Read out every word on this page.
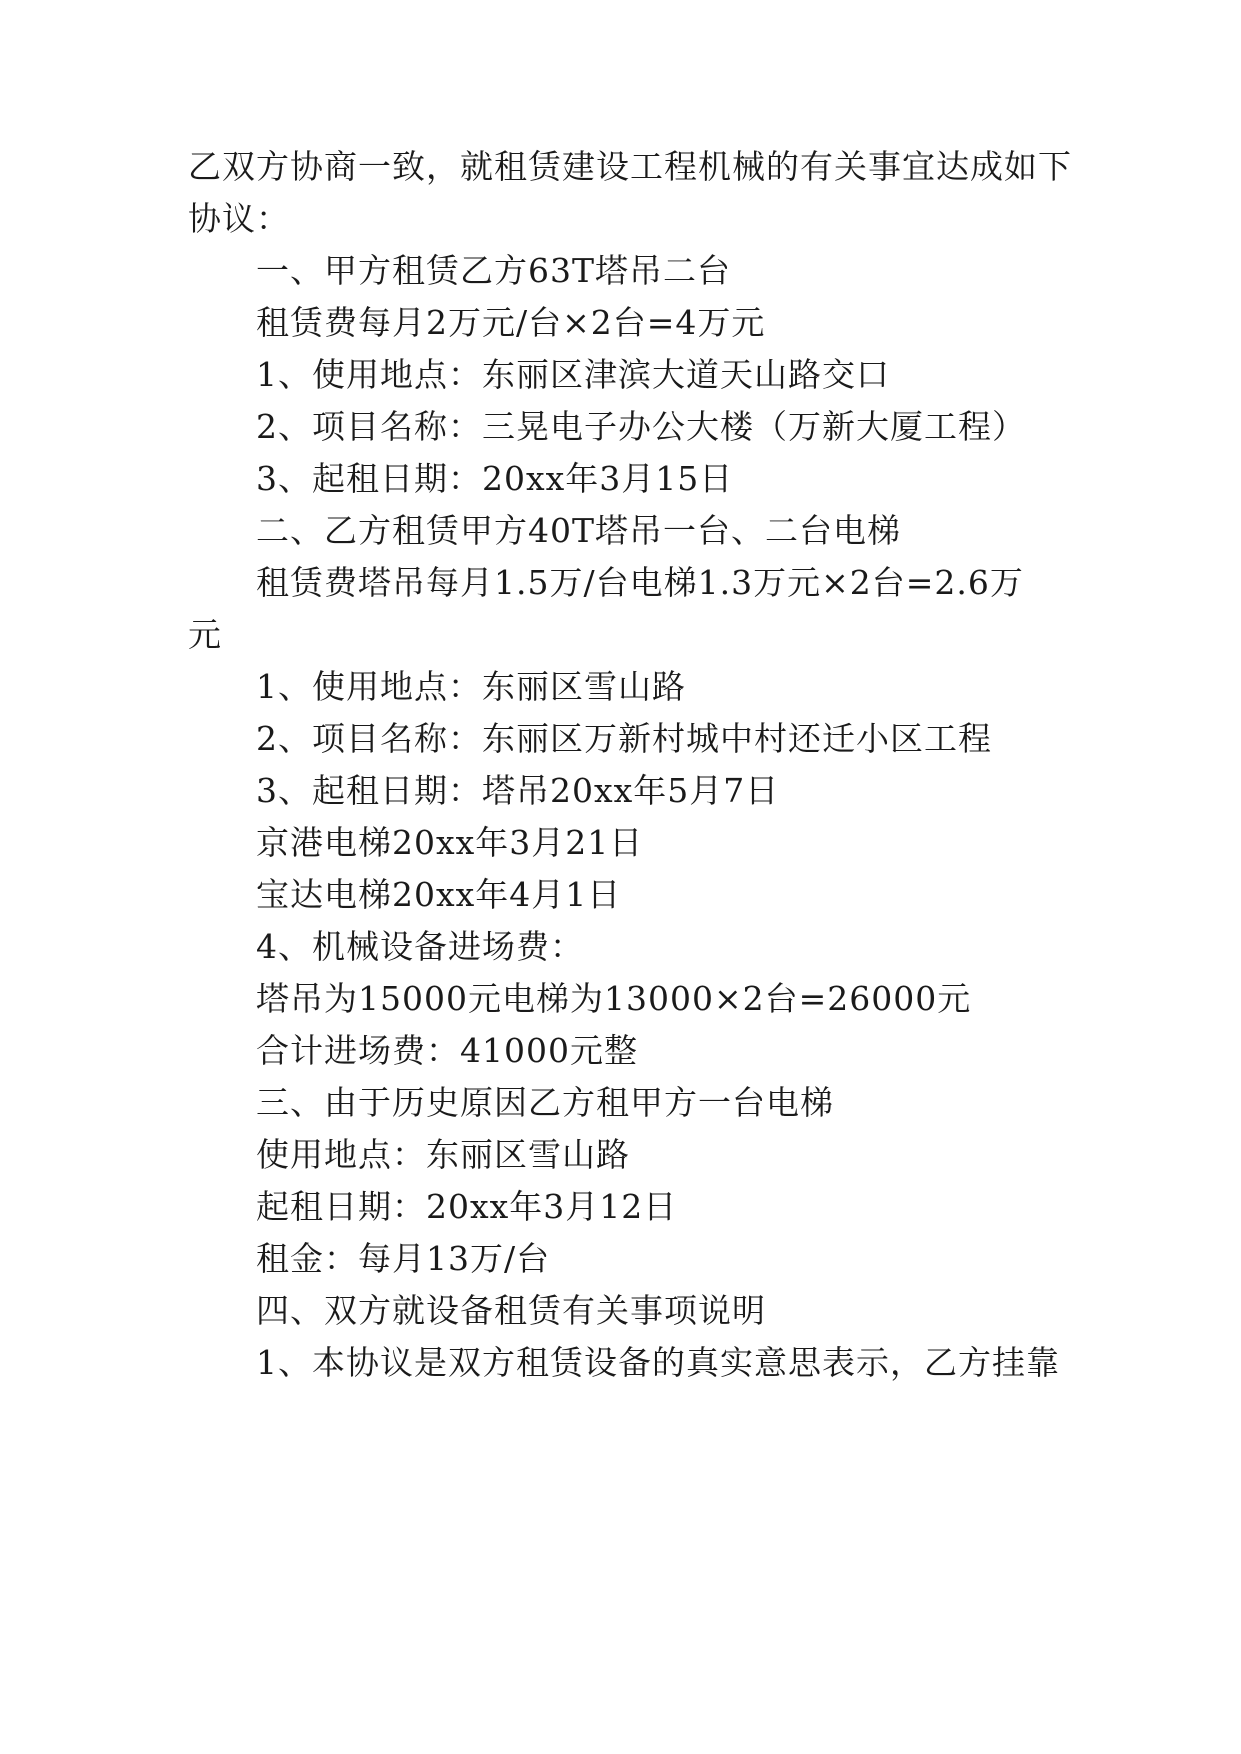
乙双方协商一致，就租赁建设工程机械的有关事宜达成如下
协议：
一、甲方租赁乙方63T塔吊二台
租赁费每月2万元/台×2台=4万元
1、使用地点：东丽区津滨大道天山路交口
2、项目名称：三晃电子办公大楼（万新大厦工程）
3、起租日期：20xx年3月15日
二、乙方租赁甲方40T塔吊一台、二台电梯
租赁费塔吊每月1.5万/台电梯1.3万元×2台=2.6万
元
1、使用地点：东丽区雪山路
2、项目名称：东丽区万新村城中村还迁小区工程
3、起租日期：塔吊20xx年5月7日
京港电梯20xx年3月21日
宝达电梯20xx年4月1日
4、机械设备进场费：
塔吊为15000元电梯为13000×2台=26000元
合计进场费：41000元整
三、由于历史原因乙方租甲方一台电梯
使用地点：东丽区雪山路
起租日期：20xx年3月12日
租金：每月13万/台
四、双方就设备租赁有关事项说明
1、本协议是双方租赁设备的真实意思表示，乙方挂靠
